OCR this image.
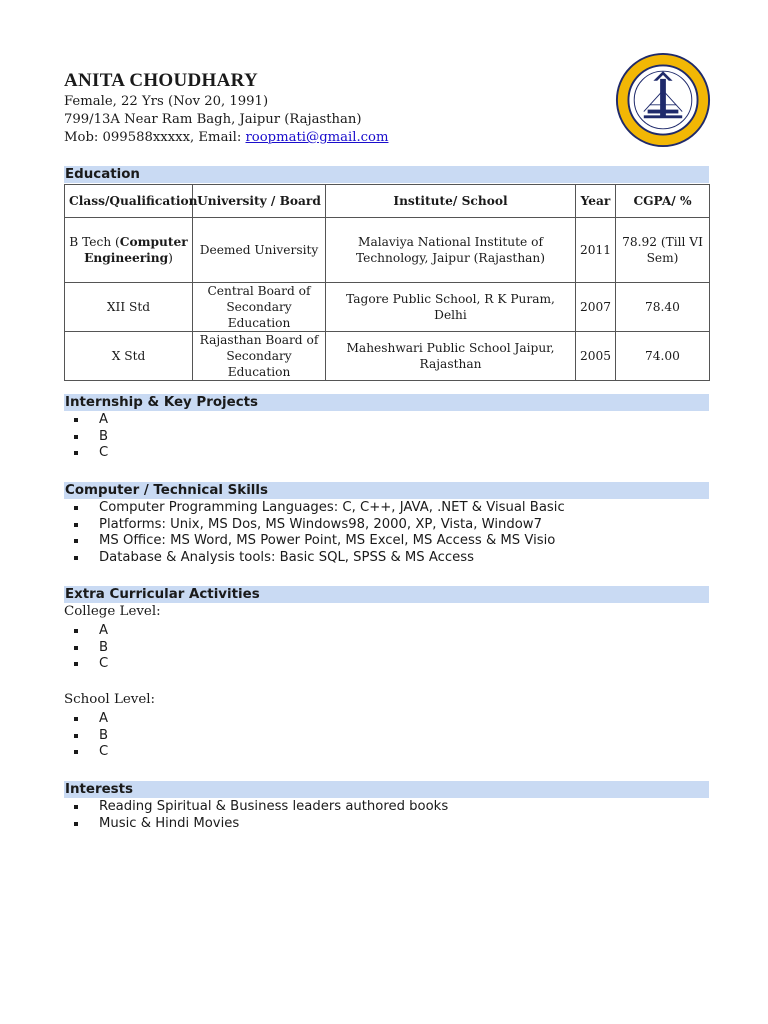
ANITA CHOUDHARY
Female, 22 Yrs (Nov 20, 1991)
799/13A Near Ram Bagh, Jaipur (Rajasthan)
Mob: 099588xxxxx, Email: roopmati@gmail.com
Education
Class/Qualification	University / Board	Institute/ School	Year	CGPA/ %
B Tech (Computer Engineering)	Deemed University	Malaviya National Institute of Technology, Jaipur (Rajasthan)	2011	78.92 (Till VI Sem)
XII Std	Central Board of Secondary Education	Tagore Public School, R K Puram, Delhi	2007	78.40
X Std	Rajasthan Board of Secondary Education	Maheshwari Public School Jaipur, Rajasthan	2005	74.00
Internship & Key Projects
A
B
C
Computer / Technical Skills
Computer Programming Languages: C, C++, JAVA, .NET & Visual Basic
Platforms: Unix, MS Dos, MS Windows98, 2000, XP, Vista, Window7
MS Office: MS Word, MS Power Point, MS Excel, MS Access & MS Visio
Database & Analysis tools: Basic SQL, SPSS & MS Access
Extra Curricular Activities
College Level:
A
B
C
School Level:
A
B
C
Interests
Reading Spiritual & Business leaders authored books
Music & Hindi Movies
